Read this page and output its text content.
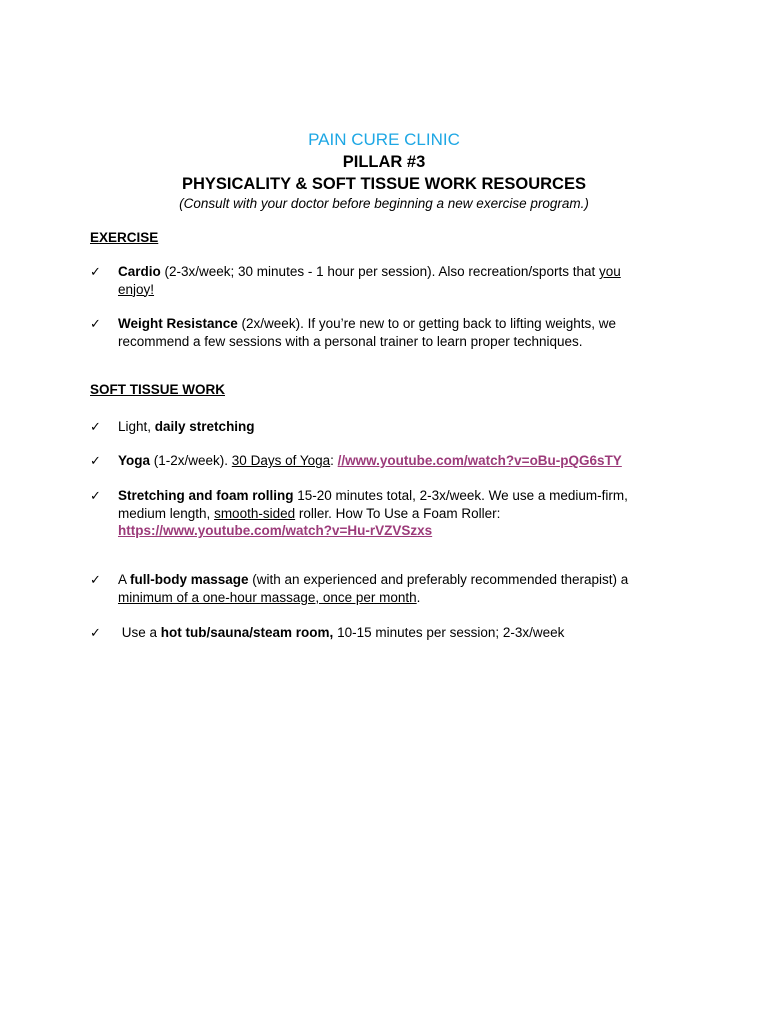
PAIN CURE CLINIC
PILLAR #3
PHYSICALITY & SOFT TISSUE WORK RESOURCES
(Consult with your doctor before beginning a new exercise program.)
EXERCISE
✓	Cardio (2-3x/week; 30 minutes - 1 hour per session). Also recreation/sports that you enjoy!
✓	Weight Resistance (2x/week). If you’re new to or getting back to lifting weights, we recommend a few sessions with a personal trainer to learn proper techniques.
SOFT TISSUE WORK
✓	Light, daily stretching
✓	Yoga (1-2x/week). 30 Days of Yoga: //www.youtube.com/watch?v=oBu-pQG6sTY
✓	Stretching and foam rolling 15-20 minutes total, 2-3x/week. We use a medium-firm, medium length, smooth-sided roller. How To Use a Foam Roller:
https://www.youtube.com/watch?v=Hu-rVZVSzxs
✓	A full-body massage (with an experienced and preferably recommended therapist) a minimum of a one-hour massage, once per month.
✓	Use a hot tub/sauna/steam room, 10-15 minutes per session; 2-3x/week
